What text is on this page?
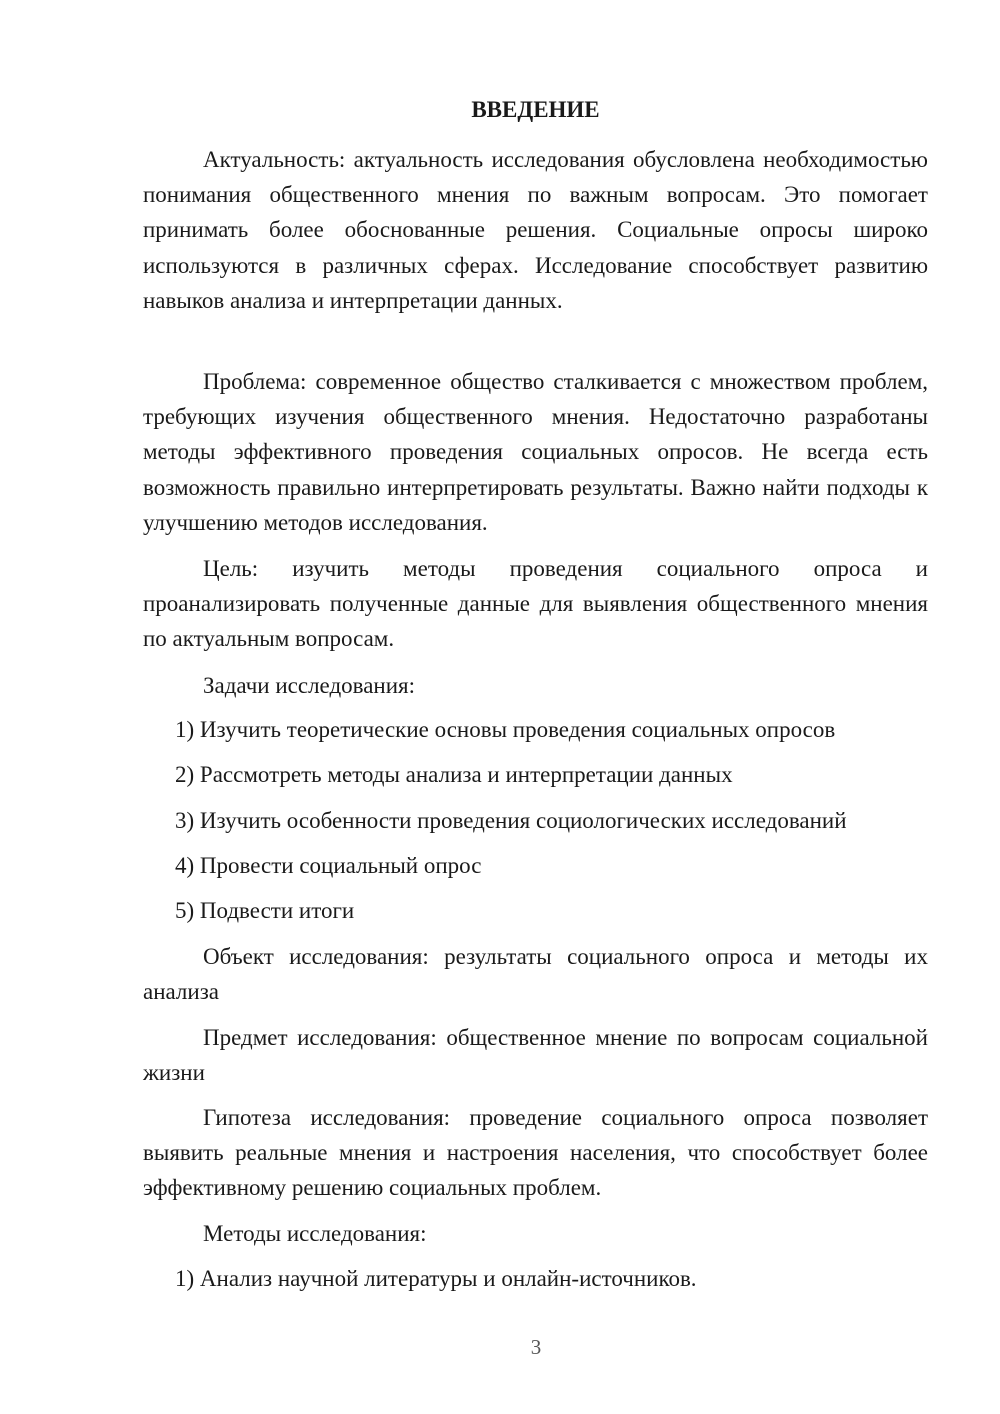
ВВЕДЕНИЕ

Актуальность: актуальность исследования обусловлена необходимостью понимания общественного мнения по важным вопросам. Это помогает принимать более обоснованные решения. Социальные опросы широко используются в различных сферах. Исследование способствует развитию навыков анализа и интерпретации данных.

Проблема: современное общество сталкивается с множеством проблем, требующих изучения общественного мнения. Недостаточно разработаны методы эффективного проведения социальных опросов. Не всегда есть возможность правильно интерпретировать результаты. Важно найти подходы к улучшению методов исследования.

Цель: изучить методы проведения социального опроса и проанализировать полученные данные для выявления общественного мнения по актуальным вопросам.

Задачи исследования:

1) Изучить теоретические основы проведения социальных опросов

2) Рассмотреть методы анализа и интерпретации данных

3) Изучить особенности проведения социологических исследований

4) Провести социальный опрос

5) Подвести итоги

Объект исследования: результаты социального опроса и методы их анализа

Предмет исследования: общественное мнение по вопросам социальной жизни

Гипотеза исследования: проведение социального опроса позволяет выявить реальные мнения и настроения населения, что способствует более эффективному решению социальных проблем.

Методы исследования:

1) Анализ научной литературы и онлайн-источников.

3
